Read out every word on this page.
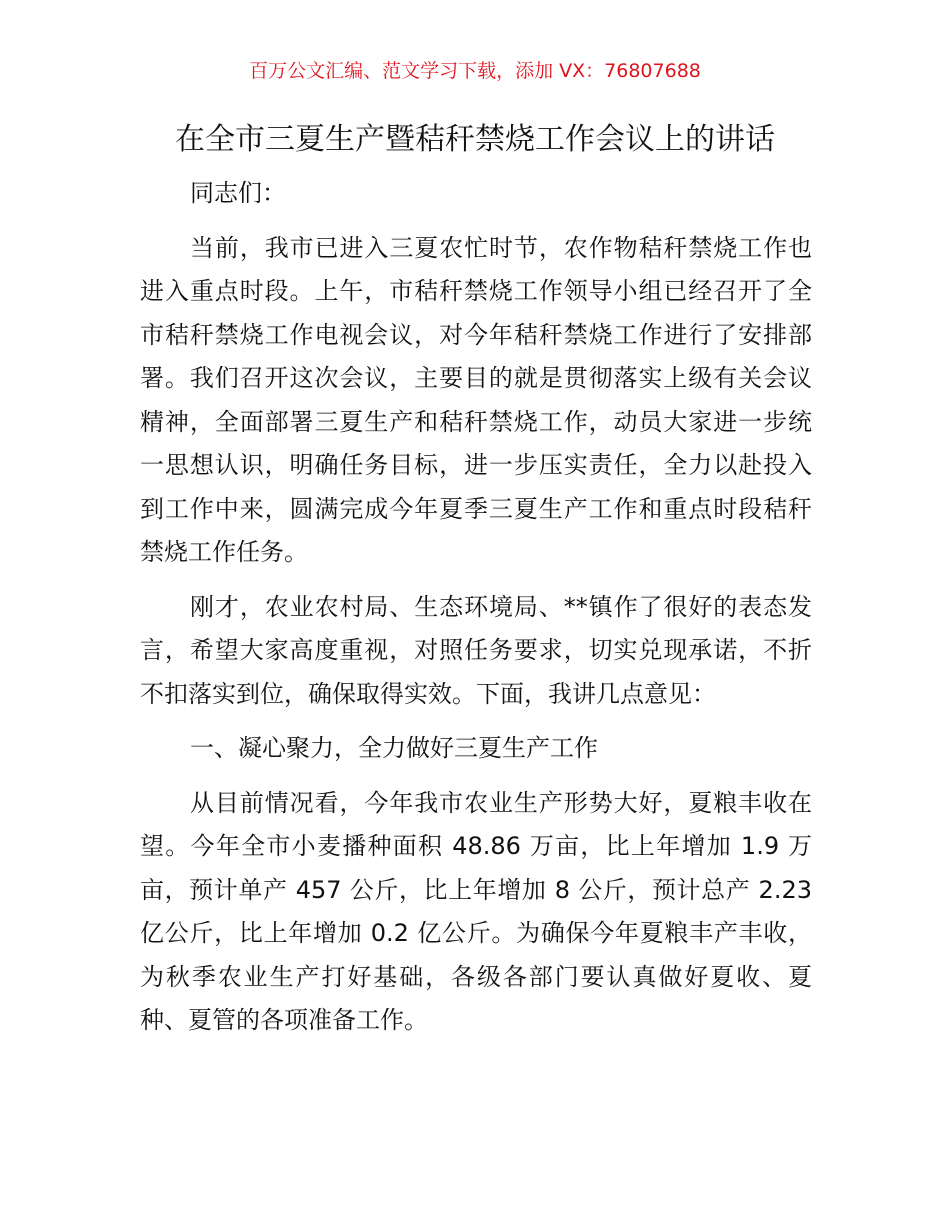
百万公文汇编、范文学习下载，添加 VX：76807688
在全市三夏生产暨秸秆禁烧工作会议上的讲话
同志们：
当前，我市已进入三夏农忙时节，农作物秸秆禁烧工作也
进入重点时段。上午，市秸秆禁烧工作领导小组已经召开了全
市秸秆禁烧工作电视会议，对今年秸秆禁烧工作进行了安排部
署。我们召开这次会议，主要目的就是贯彻落实上级有关会议
精神，全面部署三夏生产和秸秆禁烧工作，动员大家进一步统
一思想认识，明确任务目标，进一步压实责任，全力以赴投入
到工作中来，圆满完成今年夏季三夏生产工作和重点时段秸秆
禁烧工作任务。
刚才，农业农村局、生态环境局、**镇作了很好的表态发
言，希望大家高度重视，对照任务要求，切实兑现承诺，不折
不扣落实到位，确保取得实效。下面，我讲几点意见：
一、凝心聚力，全力做好三夏生产工作
从目前情况看，今年我市农业生产形势大好，夏粮丰收在
望。今年全市小麦播种面积 48.86 万亩，比上年增加 1.9 万
亩，预计单产 457 公斤，比上年增加 8 公斤，预计总产 2.23
亿公斤，比上年增加 0.2 亿公斤。为确保今年夏粮丰产丰收，
为秋季农业生产打好基础，各级各部门要认真做好夏收、夏
种、夏管的各项准备工作。
